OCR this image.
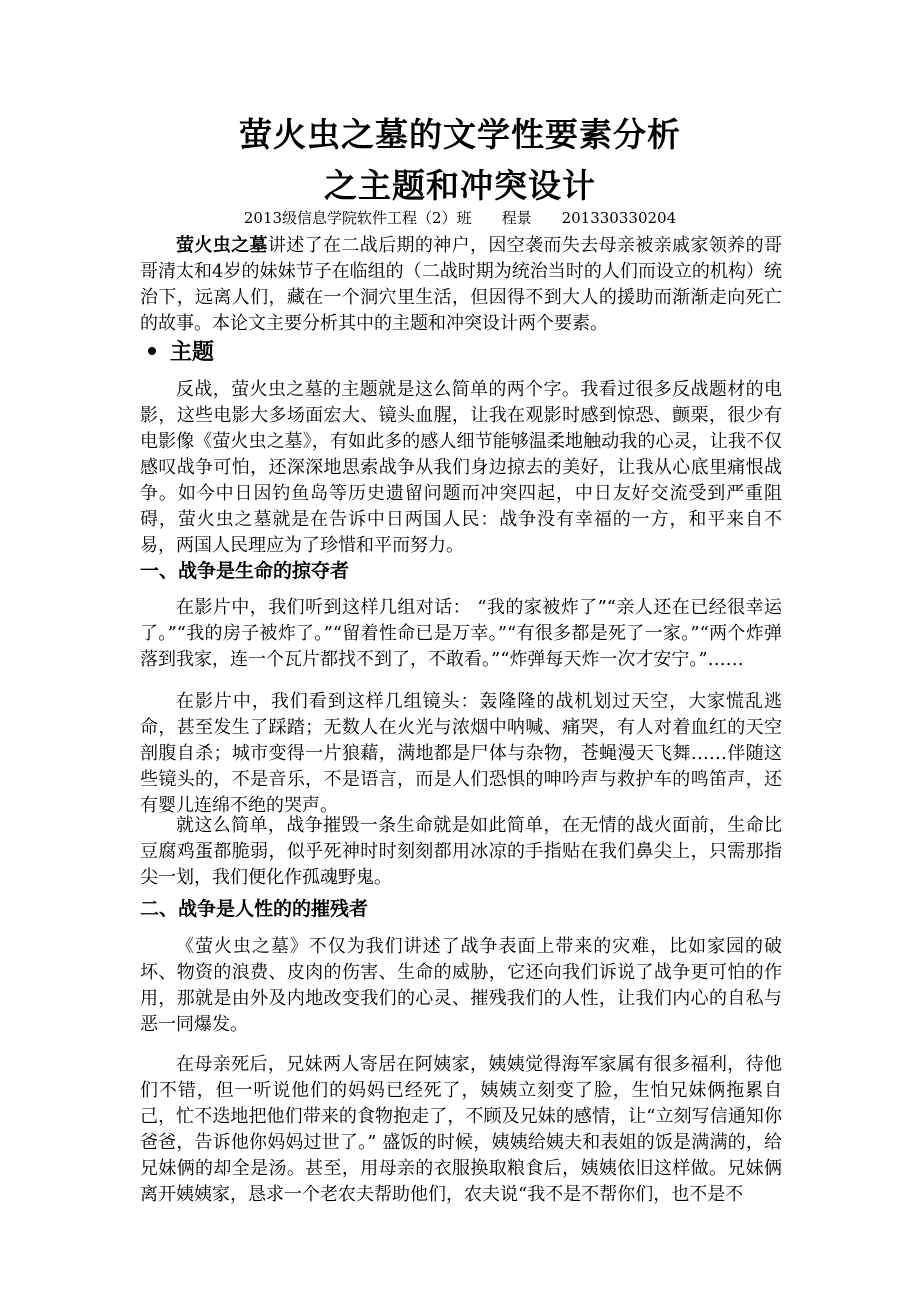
萤火虫之墓的文学性要素分析
之主题和冲突设计
2013级信息学院软件工程（2）班 程景 201330330204

萤火虫之墓讲述了在二战后期的神户，因空袭而失去母亲被亲戚家领养的哥哥清太和4岁的妹妹节子在临组的（二战时期为统治当时的人们而设立的机构）统治下，远离人们，藏在一个洞穴里生活，但因得不到大人的援助而渐渐走向死亡的故事。本论文主要分析其中的主题和冲突设计两个要素。

主题

反战，萤火虫之墓的主题就是这么简单的两个字。我看过很多反战题材的电影，这些电影大多场面宏大、镜头血腥，让我在观影时感到惊恐、颤栗，很少有电影像《萤火虫之墓》，有如此多的感人细节能够温柔地触动我的心灵，让我不仅感叹战争可怕，还深深地思索战争从我们身边掠去的美好，让我从心底里痛恨战争。如今中日因钓鱼岛等历史遗留问题而冲突四起，中日友好交流受到严重阻碍，萤火虫之墓就是在告诉中日两国人民：战争没有幸福的一方，和平来自不易，两国人民理应为了珍惜和平而努力。

一、战争是生命的掠夺者

在影片中，我们听到这样几组对话： “我的家被炸了”“亲人还在已经很幸运了。”“我的房子被炸了。”“留着性命已是万幸。”“有很多都是死了一家。”“两个炸弹落到我家，连一个瓦片都找不到了，不敢看。”“炸弹每天炸一次才安宁。”……

在影片中，我们看到这样几组镜头：轰隆隆的战机划过天空，大家慌乱逃命，甚至发生了踩踏；无数人在火光与浓烟中呐喊、痛哭，有人对着血红的天空剖腹自杀；城市变得一片狼藉，满地都是尸体与杂物，苍蝇漫天飞舞……伴随这些镜头的，不是音乐，不是语言，而是人们恐惧的呻吟声与救护车的鸣笛声，还有婴儿连绵不绝的哭声。

就这么简单，战争摧毁一条生命就是如此简单，在无情的战火面前，生命比豆腐鸡蛋都脆弱，似乎死神时时刻刻都用冰凉的手指贴在我们鼻尖上，只需那指尖一划，我们便化作孤魂野鬼。

二、战争是人性的的摧残者

《萤火虫之墓》不仅为我们讲述了战争表面上带来的灾难，比如家园的破坏、物资的浪费、皮肉的伤害、生命的威胁，它还向我们诉说了战争更可怕的作用，那就是由外及内地改变我们的心灵、摧残我们的人性，让我们内心的自私与恶一同爆发。

在母亲死后，兄妹两人寄居在阿姨家，姨姨觉得海军家属有很多福利，待他们不错，但一听说他们的妈妈已经死了，姨姨立刻变了脸，生怕兄妹俩拖累自己，忙不迭地把他们带来的食物抱走了，不顾及兄妹的感情，让“立刻写信通知你爸爸，告诉他你妈妈过世了。” 盛饭的时候，姨姨给姨夫和表姐的饭是满满的，给兄妹俩的却全是汤。甚至，用母亲的衣服换取粮食后，姨姨依旧这样做。兄妹俩离开姨姨家，恳求一个老农夫帮助他们，农夫说“我不是不帮你们，也不是不
